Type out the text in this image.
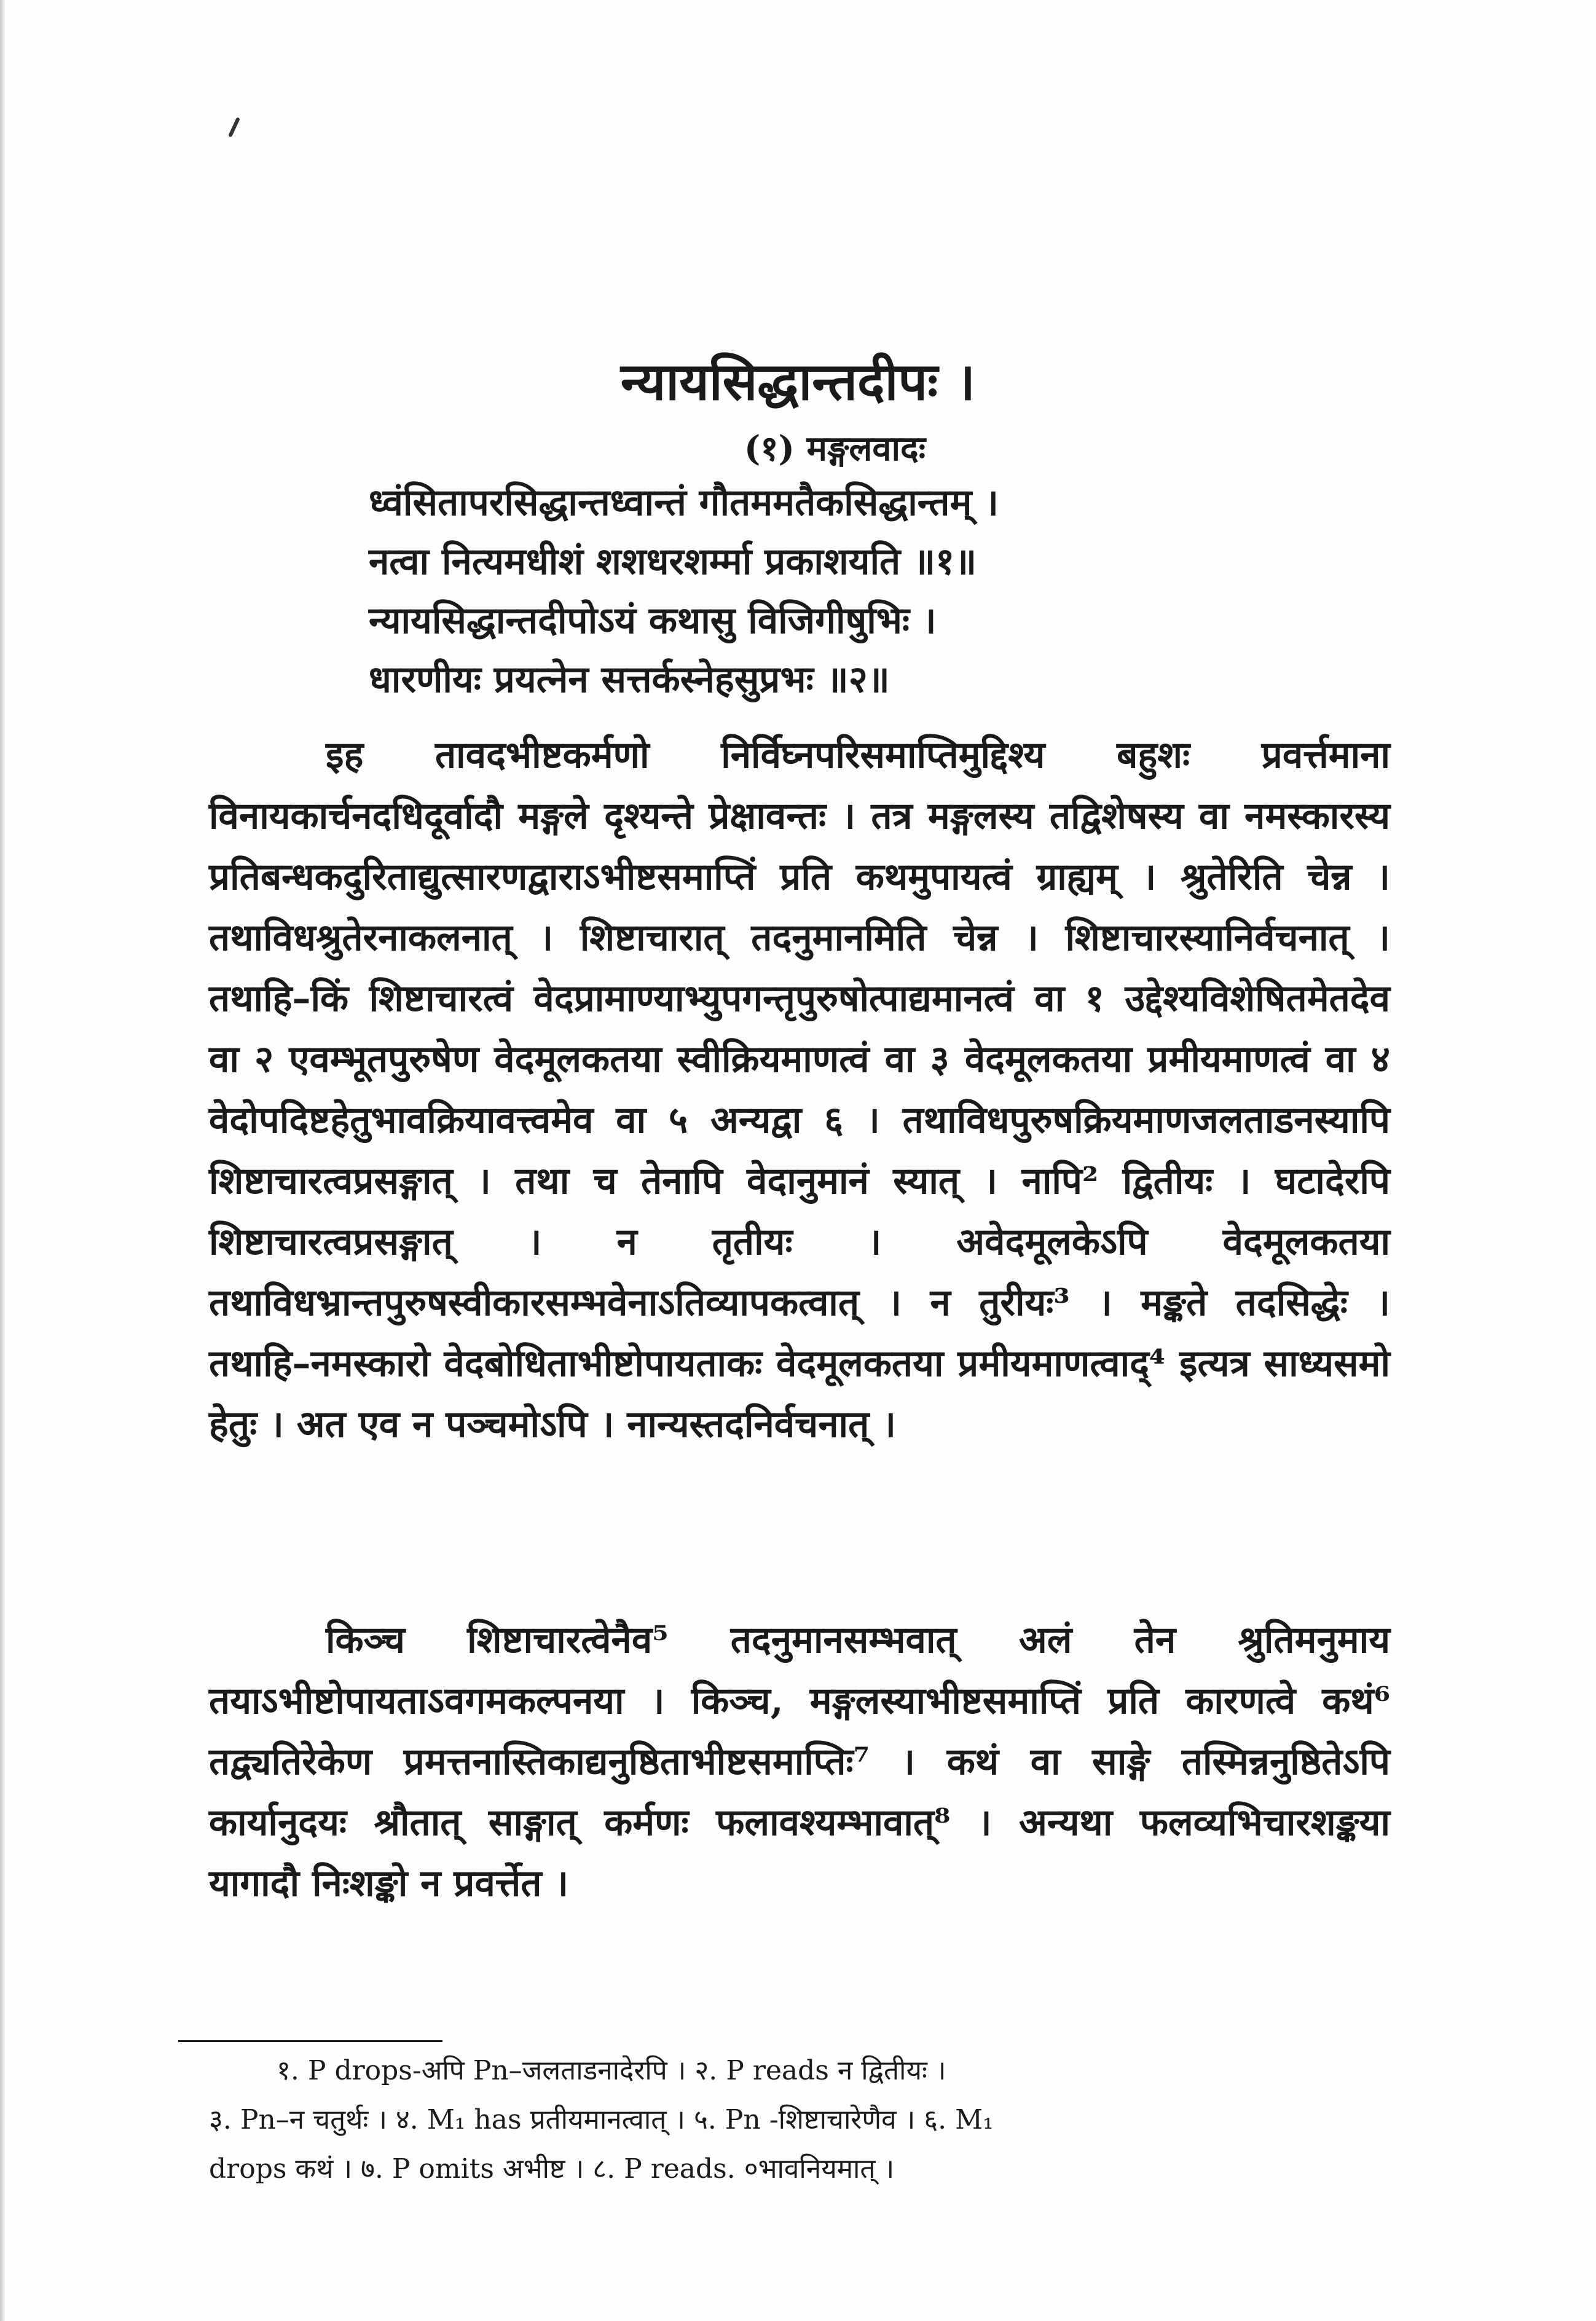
न्यायसिद्धान्तदीपः ।
(१) मङ्गलवादः
ध्वंसितापरसिद्धान्तध्वान्तं गौतममतैकसिद्धान्तम् ।
नत्वा नित्यमधीशं शशधरशर्म्मा प्रकाशयति ॥१॥
न्यायसिद्धान्तदीपोऽयं कथासु विजिगीषुभिः ।
धारणीयः प्रयत्नेन सत्तर्कस्नेहसुप्रभः ॥२॥
इह तावदभीष्टकर्मणो निर्विघ्नपरिसमाप्तिमुद्दिश्य बहुशः प्रवर्त्तमाना विनायकार्चनदधिदूर्वादौ मङ्गले दृश्यन्ते प्रेक्षावन्तः । तत्र मङ्गलस्य तद्विशेषस्य वा नमस्कारस्य प्रतिबन्धकदुरिताद्युत्सारणद्वाराऽभीष्टसमाप्तिं प्रति कथमुपायत्वं ग्राह्यम् । श्रुतेरिति चेन्न । तथाविधश्रुतेरनाकलनात् । शिष्टाचारात् तदनुमानमिति चेन्न । शिष्टाचारस्यानिर्वचनात् । तथाहि–किं शिष्टाचारत्वं वेदप्रामाण्याभ्युपगन्तृपुरुषोत्पाद्यमानत्वं वा १ उद्देश्यविशेषितमेतदेव वा २ एवम्भूतपुरुषेण वेदमूलकतया स्वीक्रियमाणत्वं वा ३ वेदमूलकतया प्रमीयमाणत्वं वा ४ वेदोपदिष्टहेतुभावक्रियावत्त्वमेव वा ५ अन्यद्वा ६ । तथाविधपुरुषक्रियमाणजलताडनस्यापि शिष्टाचारत्वप्रसङ्गात् । तथा च तेनापि वेदानुमानं स्यात् । नापि² द्वितीयः । घटादेरपि शिष्टाचारत्वप्रसङ्गात् । न तृतीयः । अवेदमूलकेऽपि वेदमूलकतया तथाविधभ्रान्तपुरुषस्वीकारसम्भवेनाऽतिव्यापकत्वात् । न तुरीयः³ । मङ्कते तदसिद्धेः । तथाहि–नमस्कारो वेदबोधिताभीष्टोपायताकः वेदमूलकतया प्रमीयमाणत्वाद्⁴ इत्यत्र साध्यसमो हेतुः । अत एव न पञ्चमोऽपि । नान्यस्तदनिर्वचनात् ।
किञ्च शिष्टाचारत्वेनैव⁵ तदनुमानसम्भवात् अलं तेन श्रुतिमनुमाय तयाऽभीष्टोपायताऽवगमकल्पनया । किञ्च, मङ्गलस्याभीष्टसमाप्तिं प्रति कारणत्वे कथं⁶ तद्व्यतिरेकेण प्रमत्तनास्तिकाद्यनुष्ठिताभीष्टसमाप्तिः⁷ । कथं वा साङ्गे तस्मिन्ननुष्ठितेऽपि कार्यानुदयः श्रौतात् साङ्गात् कर्मणः फलावश्यम्भावात्⁸ । अन्यथा फलव्यभिचारशङ्कया यागादौ निःशङ्को न प्रवर्त्तेत ।
१. P drops-अपि Pn–जलताडनादेरपि । २. P reads न द्वितीयः ।
३. Pn–न चतुर्थः । ४. M₁ has प्रतीयमानत्वात् । ५. Pn -शिष्टाचारेणैव । ६. M₁
drops कथं । ७. P omits अभीष्ट । ८. P reads. ०भावनियमात् ।
